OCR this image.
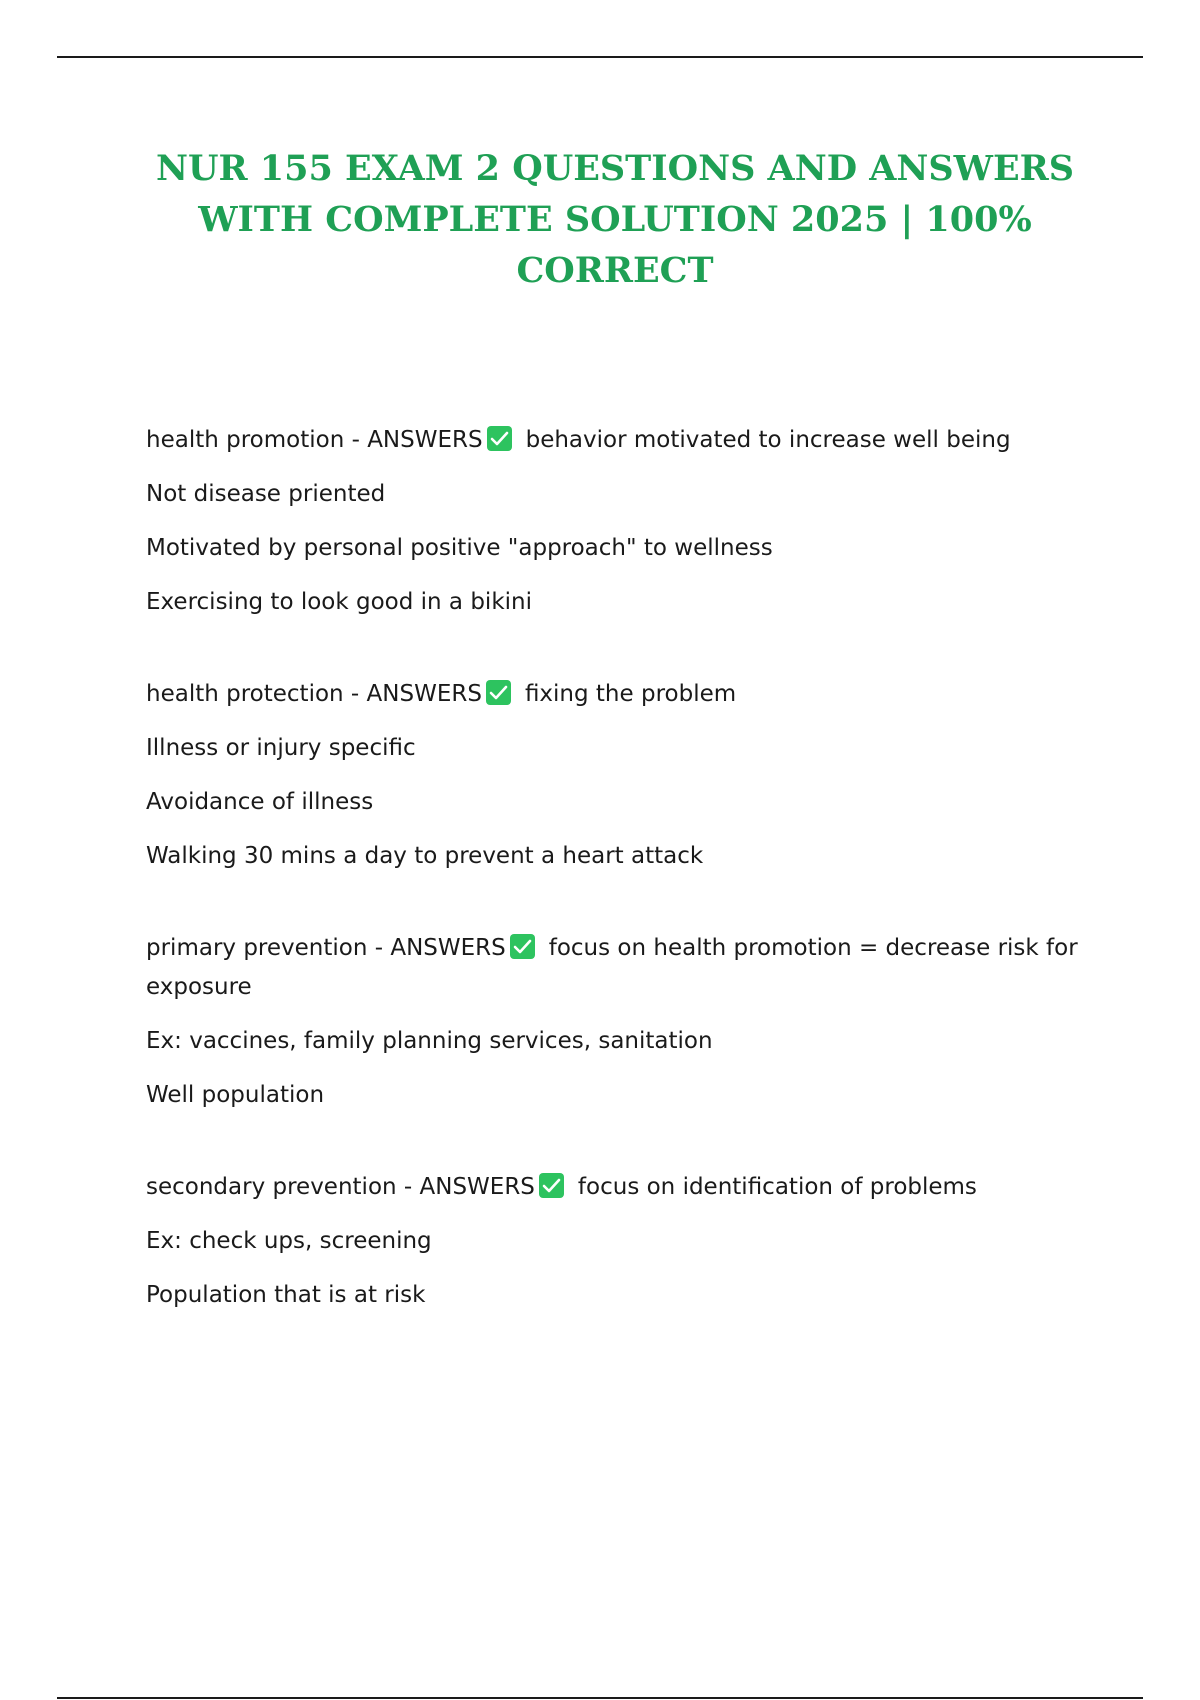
NUR 155 EXAM 2 QUESTIONS AND ANSWERS WITH COMPLETE SOLUTION 2025 | 100% CORRECT

health promotion - ANSWERS behavior motivated to increase well being

Not disease priented

Motivated by personal positive "approach" to wellness

Exercising to look good in a bikini

health protection - ANSWERS fixing the problem

Illness or injury specific

Avoidance of illness

Walking 30 mins a day to prevent a heart attack

primary prevention - ANSWERS focus on health promotion = decrease risk for exposure

Ex: vaccines, family planning services, sanitation

Well population

secondary prevention - ANSWERS focus on identification of problems

Ex: check ups, screening

Population that is at risk
